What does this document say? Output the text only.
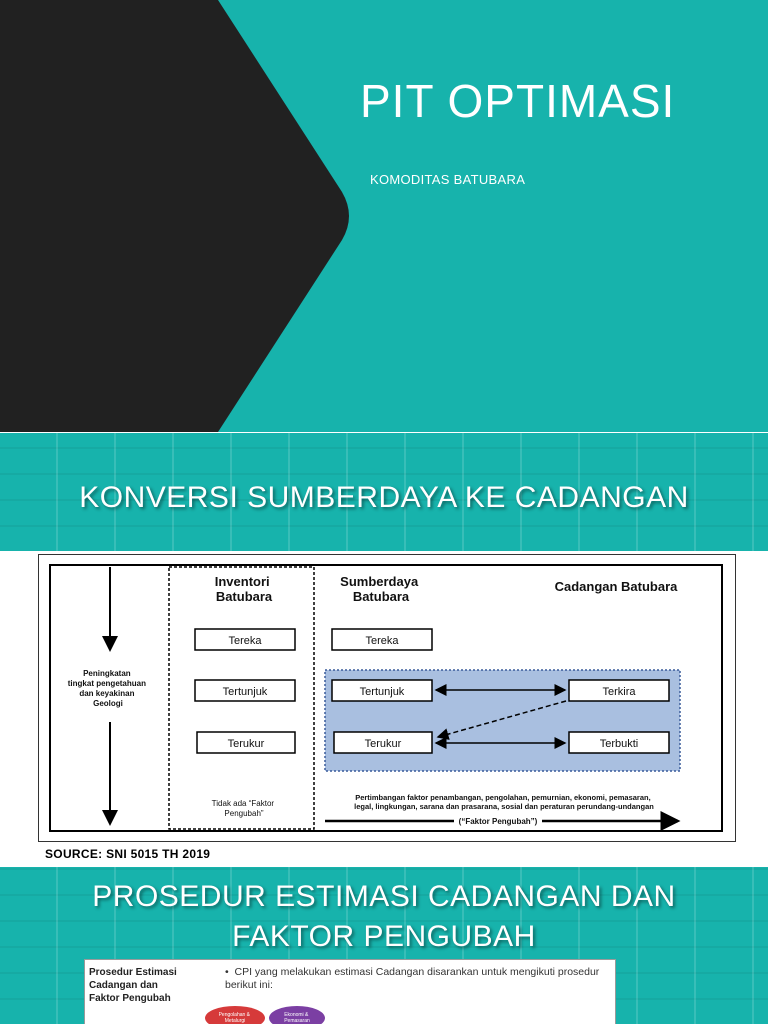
PIT OPTIMASI
KOMODITAS BATUBARA
KONVERSI SUMBERDAYA KE CADANGAN
Peningkatan tingkat pengetahuan dan keyakinan Geologi
Inventori Batubara
Tereka
Tertunjuk
Terukur
Tidak ada “Faktor Pengubah”
Sumberdaya Batubara
Cadangan Batubara
Tereka
Tertunjuk
Terukur
Terkira
Terbukti
Pertimbangan faktor penambangan, pengolahan, pemurnian, ekonomi, pemasaran, legal, lingkungan, sarana dan prasarana, sosial dan peraturan perundang-undangan
(“Faktor Pengubah”)
SOURCE: SNI 5015 TH 2019
PROSEDUR ESTIMASI CADANGAN DAN
FAKTOR PENGUBAH
Prosedur Estimasi
Cadangan dan
Faktor Pengubah
•  CPI yang melakukan estimasi Cadangan disarankan untuk mengikuti prosedur berikut ini:
Pengolahan & Metalurgi
Ekonomi & Pemasaran
